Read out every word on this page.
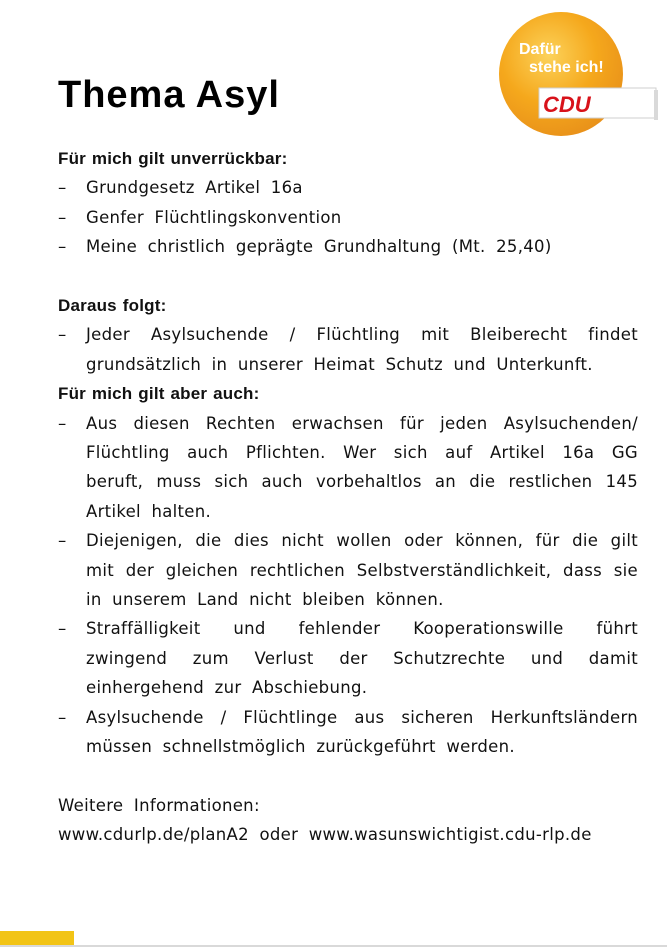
Thema Asyl
Dafür
stehe ich!
CDU
Für mich gilt unverrückbar:
– Grundgesetz Artikel 16a
– Genfer Flüchtlingskonvention
– Meine christlich geprägte Grundhaltung (Mt. 25,40)
Daraus folgt:
– Jeder Asylsuchende / Flüchtling mit Bleiberecht findet grundsätzlich in unserer Heimat Schutz und Unterkunft.
Für mich gilt aber auch:
– Aus diesen Rechten erwachsen für jeden Asylsuchenden/ Flüchtling auch Pflichten. Wer sich auf Artikel 16a GG beruft, muss sich auch vorbehaltlos an die restlichen 145 Artikel halten.
– Diejenigen, die dies nicht wollen oder können, für die gilt mit der gleichen rechtlichen Selbstverständlichkeit, dass sie in unserem Land nicht bleiben können.
– Straffälligkeit und fehlender Kooperationswille führt zwingend zum Verlust der Schutzrechte und damit einhergehend zur Abschiebung.
– Asylsuchende / Flüchtlinge aus sicheren Herkunftsländern müssen schnellstmöglich zurückgeführt werden.
Weitere Informationen:
www.cdurlp.de/planA2 oder www.wasunswichtigist.cdu-rlp.de
